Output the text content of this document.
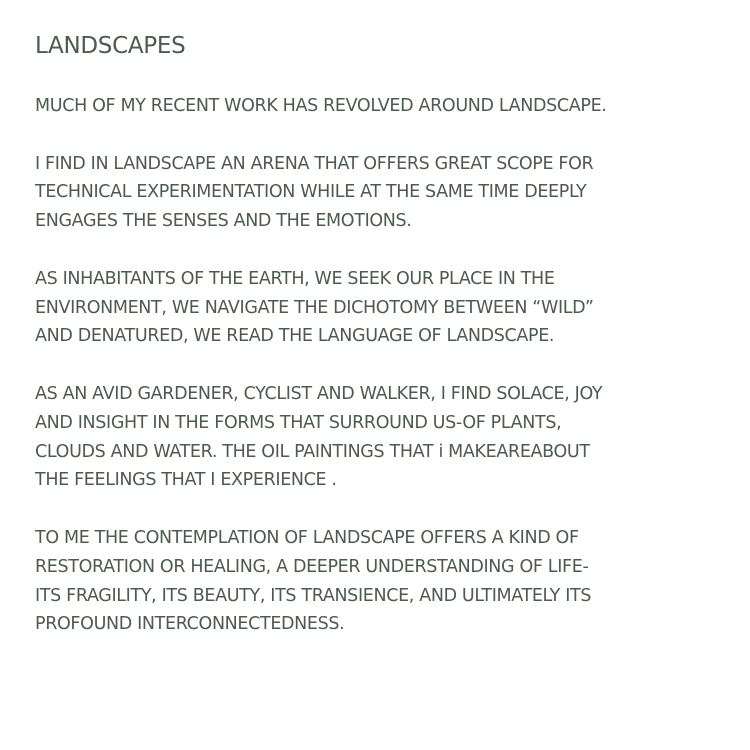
LANDSCAPES

MUCH OF MY RECENT WORK HAS REVOLVED AROUND LANDSCAPE.

I FIND IN LANDSCAPE AN ARENA THAT OFFERS GREAT SCOPE FOR
TECHNICAL EXPERIMENTATION WHILE AT THE SAME TIME DEEPLY
ENGAGES THE SENSES AND THE EMOTIONS.

AS INHABITANTS OF THE EARTH, WE SEEK OUR PLACE IN THE
ENVIRONMENT, WE NAVIGATE THE DICHOTOMY BETWEEN “WILD”
AND DENATURED, WE READ THE LANGUAGE OF LANDSCAPE.

AS AN AVID GARDENER, CYCLIST AND WALKER, I FIND SOLACE, JOY
AND INSIGHT IN THE FORMS THAT SURROUND US-OF PLANTS,
CLOUDS AND WATER. THE OIL PAINTINGS THAT i MAKEAREABOUT
THE FEELINGS THAT I EXPERIENCE .

TO ME THE CONTEMPLATION OF LANDSCAPE OFFERS A KIND OF
RESTORATION OR HEALING, A DEEPER UNDERSTANDING OF LIFE-
ITS FRAGILITY, ITS BEAUTY, ITS TRANSIENCE, AND ULTIMATELY ITS
PROFOUND INTERCONNECTEDNESS.
